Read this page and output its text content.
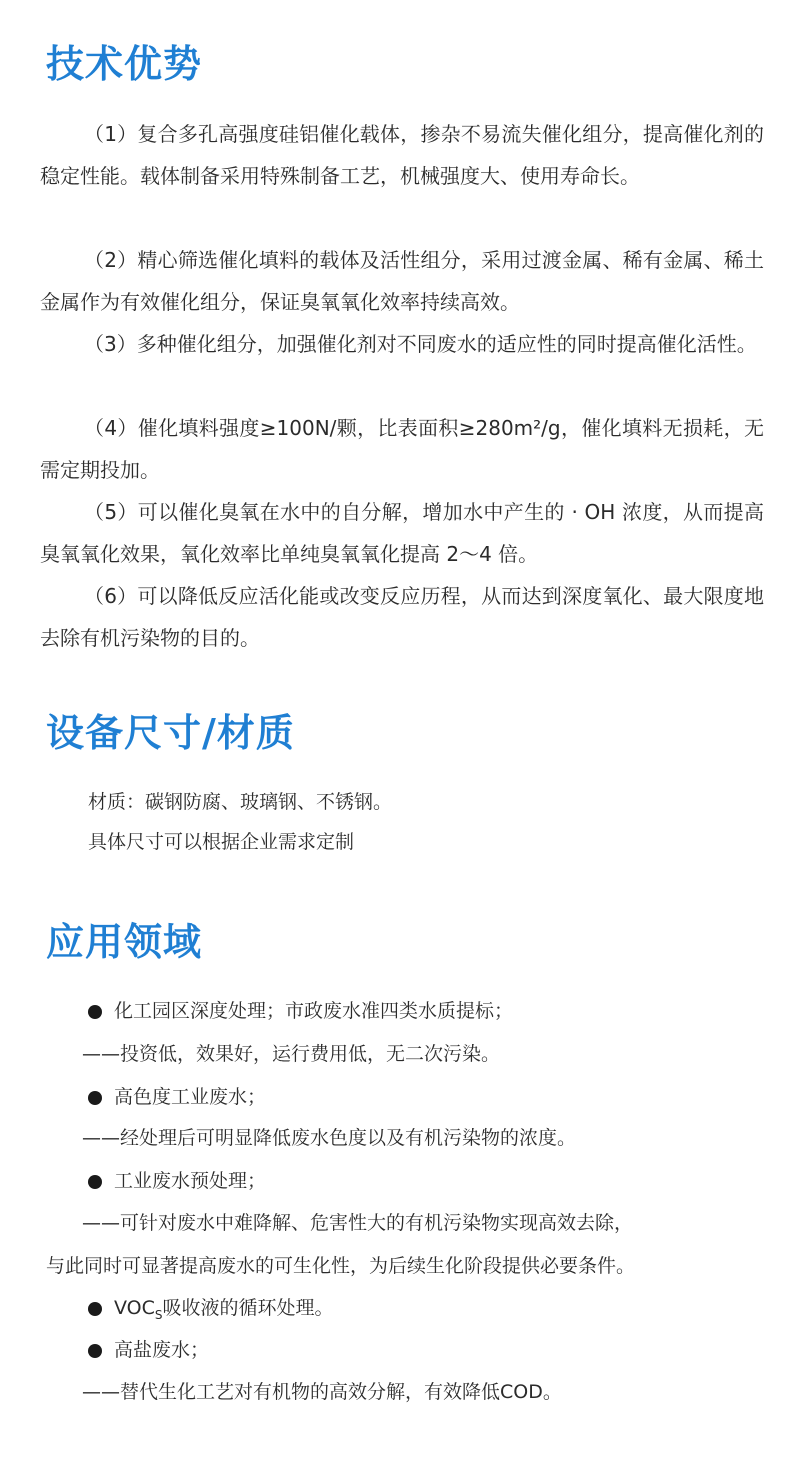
技术优势

（1）复合多孔高强度硅铝催化载体，掺杂不易流失催化组分，提高催化剂的稳定性能。载体制备采用特殊制备工艺，机械强度大、使用寿命长。

（2）精心筛选催化填料的载体及活性组分，采用过渡金属、稀有金属、稀土金属作为有效催化组分，保证臭氧氧化效率持续高效。

（3）多种催化组分，加强催化剂对不同废水的适应性的同时提高催化活性。

（4）催化填料强度≥100N/颗，比表面积≥280m²/g，催化填料无损耗，无需定期投加。

（5）可以催化臭氧在水中的自分解，增加水中产生的 · OH 浓度，从而提高臭氧氧化效果，氧化效率比单纯臭氧氧化提高 2～4 倍。

（6）可以降低反应活化能或改变反应历程，从而达到深度氧化、最大限度地去除有机污染物的目的。

设备尺寸/材质

材质：碳钢防腐、玻璃钢、不锈钢。

具体尺寸可以根据企业需求定制

应用领域

化工园区深度处理；市政废水准四类水质提标；

——投资低，效果好，运行费用低，无二次污染。

高色度工业废水；

——经处理后可明显降低废水色度以及有机污染物的浓度。

工业废水预处理；

——可针对废水中难降解、危害性大的有机污染物实现高效去除，

与此同时可显著提高废水的可生化性，为后续生化阶段提供必要条件。

$VOC_S$吸收液的循环处理。

高盐废水；

——替代生化工艺对有机物的高效分解，有效降低COD。
